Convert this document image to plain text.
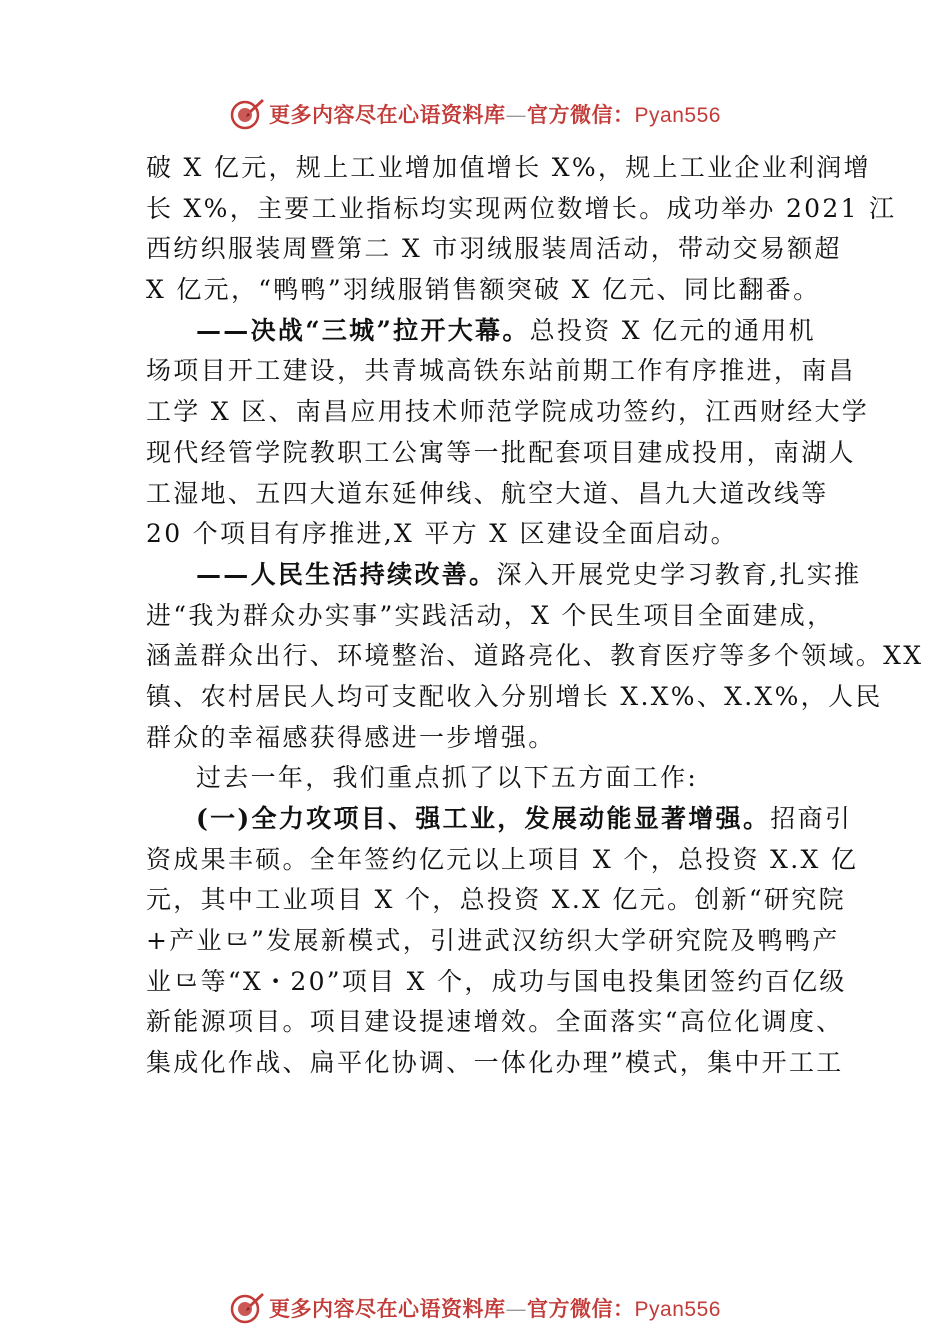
更多内容尽在心语资料库—官方微信：Pyan556
破 X 亿元，规上工业增加值增长 X%，规上工业企业利润增
长 X%，主要工业指标均实现两位数增长。成功举办 2021 江
西纺织服装周暨第二 X 市羽绒服装周活动，带动交易额超
X 亿元，“鸭鸭”羽绒服销售额突破 X 亿元、同比翻番。
——决战“三城”拉开大幕。总投资 X 亿元的通用机
场项目开工建设，共青城高铁东站前期工作有序推进，南昌
工学 X 区、南昌应用技术师范学院成功签约，江西财经大学
现代经管学院教职工公寓等一批配套项目建成投用，南湖人
工湿地、五四大道东延伸线、航空大道、昌九大道改线等
20 个项目有序推进,X 平方 X 区建设全面启动。
——人民生活持续改善。深入开展党史学习教育,扎实推
进“我为群众办实事”实践活动，X 个民生项目全面建成，
涵盖群众出行、环境整治、道路亮化、教育医疗等多个领域。XX
镇、农村居民人均可支配收入分别增长 X.X%、X.X%，人民
群众的幸福感获得感进一步增强。
过去一年，我们重点抓了以下五方面工作:
(一)全力攻项目、强工业，发展动能显著增强。招商引
资成果丰硕。全年签约亿元以上项目 X 个，总投资 X.X 亿
元，其中工业项目 X 个，总投资 X.X 亿元。创新“研究院
+产业⺋”发展新模式，引进武汉纺织大学研究院及鸭鸭产
业⺋等“X・20”项目 X 个，成功与国电投集团签约百亿级
新能源项目。项目建设提速增效。全面落实“高位化调度、
集成化作战、扁平化协调、一体化办理”模式，集中开工工
更多内容尽在心语资料库—官方微信：Pyan556
